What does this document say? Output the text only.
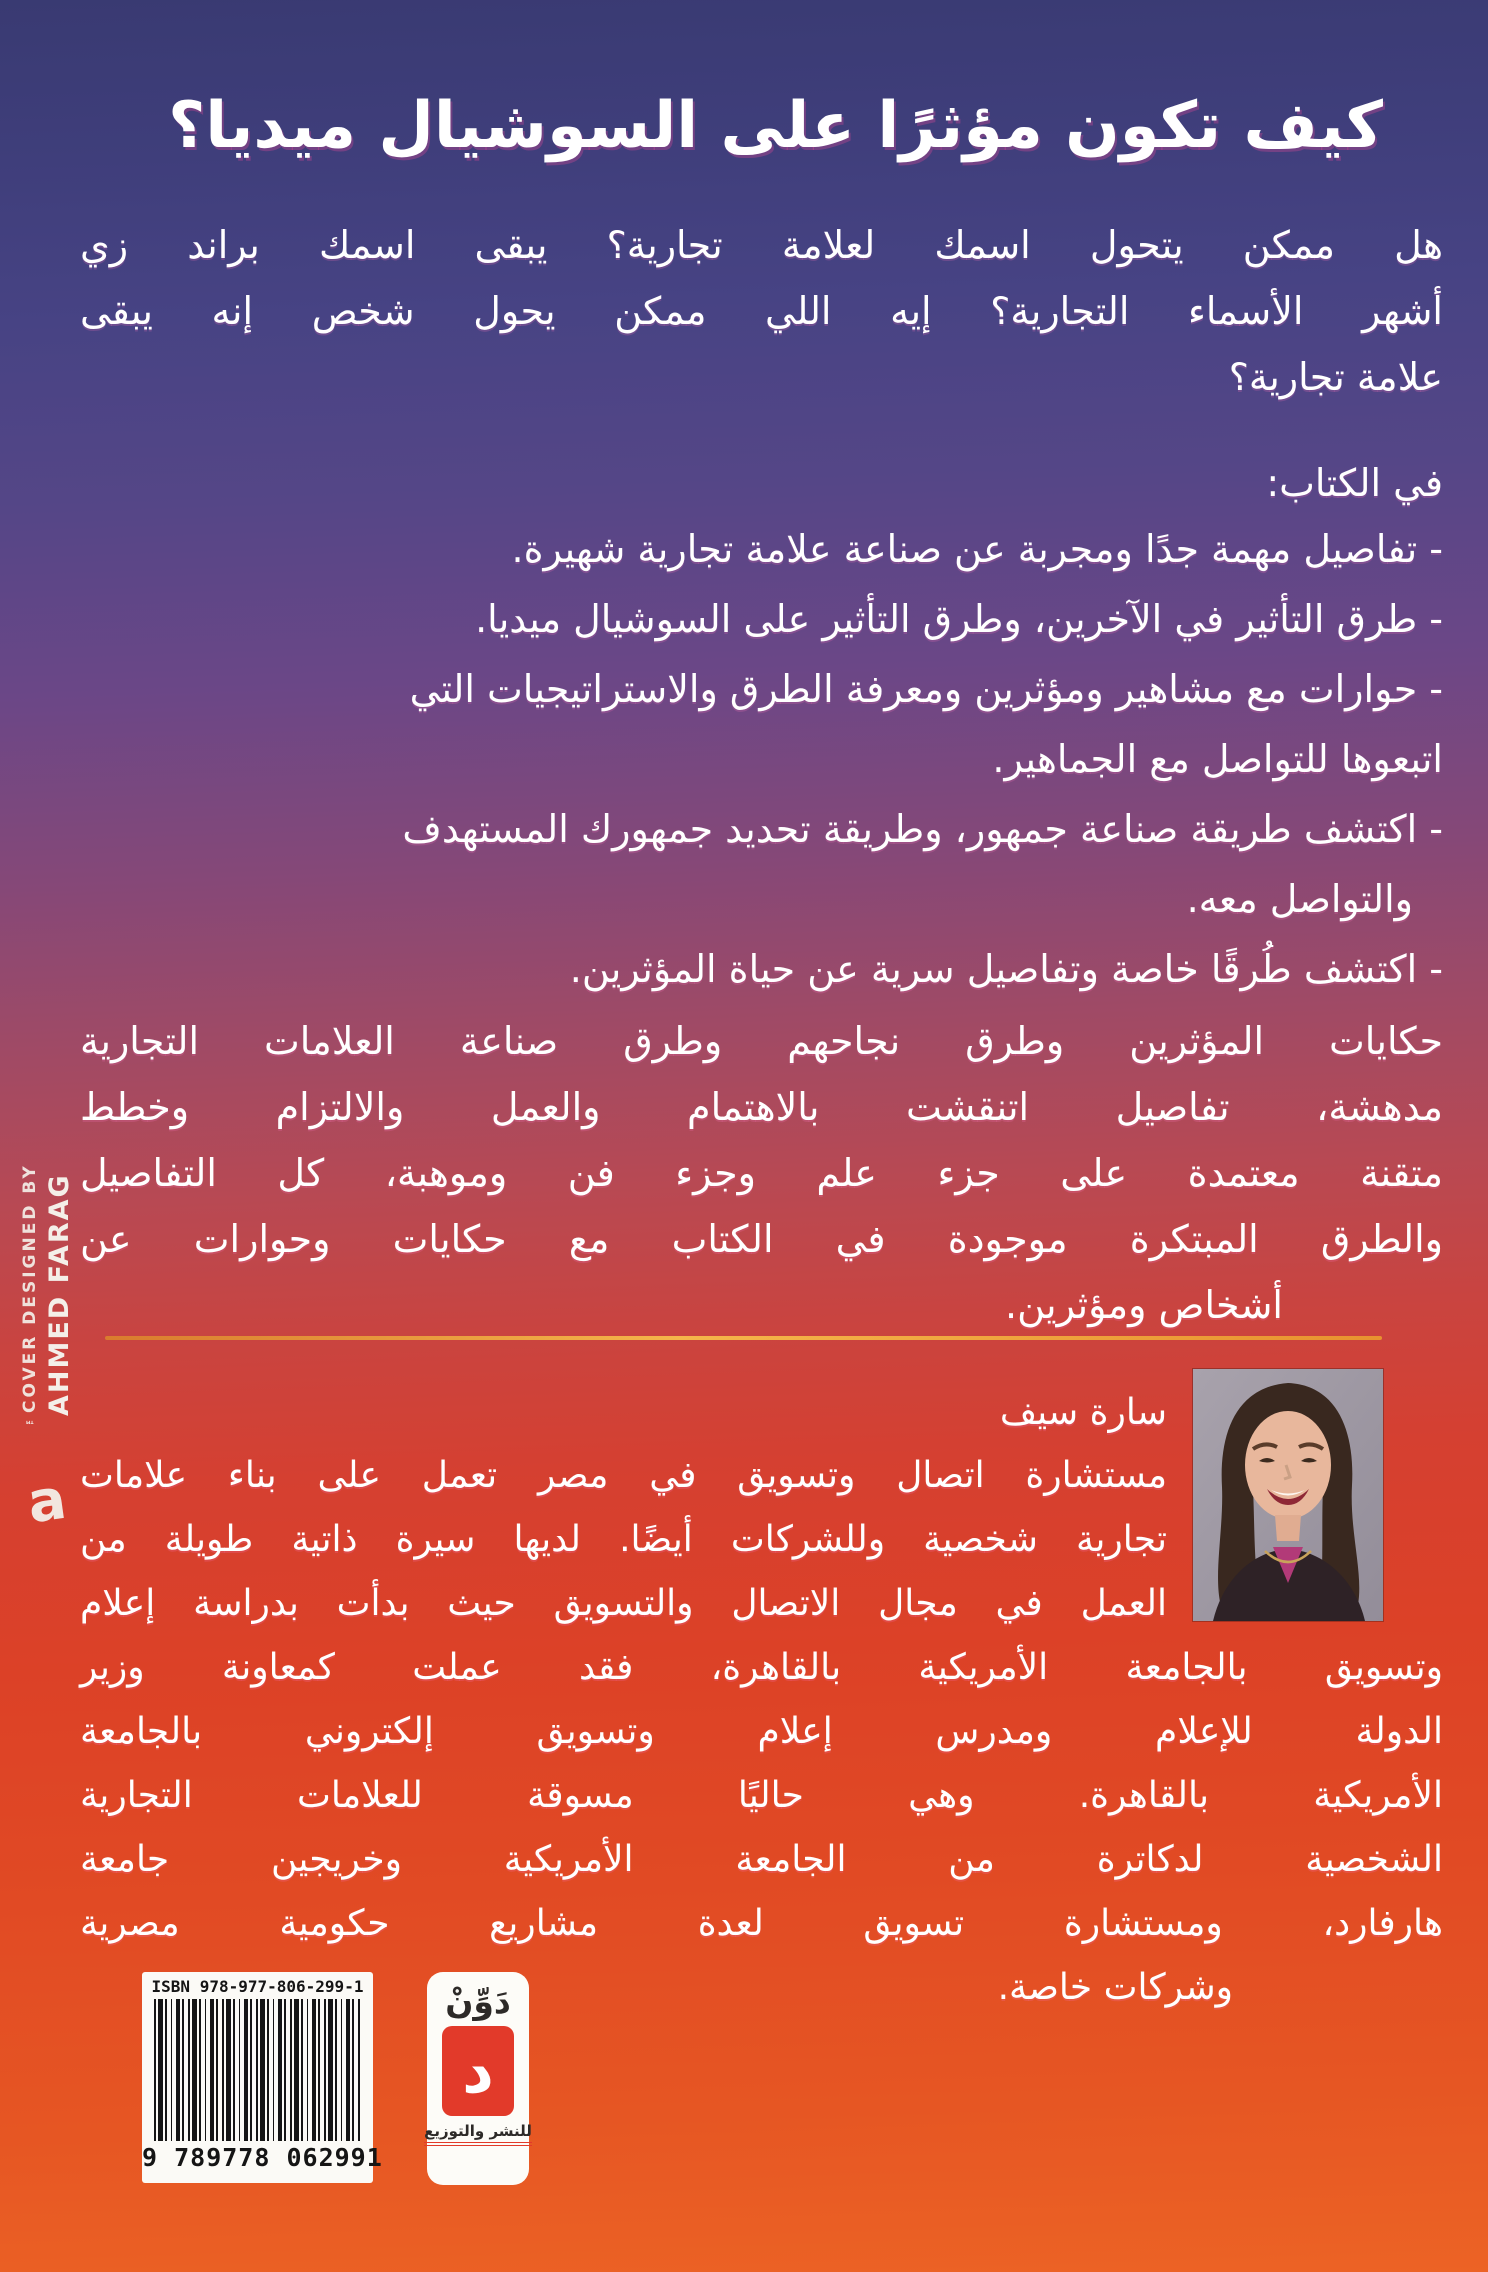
كيف تكون مؤثرًا على السوشيال ميديا؟
هل ممكن يتحول اسمك لعلامة تجارية؟ يبقى اسمك براند زي
أشهر الأسماء التجارية؟ إيه اللي ممكن يحول شخص إنه يبقى
علامة تجارية؟
في الكتاب:
- تفاصيل مهمة جدًا ومجربة عن صناعة علامة تجارية شهيرة.
- طرق التأثير في الآخرين، وطرق التأثير على السوشيال ميديا.
- حوارات مع مشاهير ومؤثرين ومعرفة الطرق والاستراتيجيات التي
اتبعوها للتواصل مع الجماهير.
- اكتشف طريقة صناعة جمهور، وطريقة تحديد جمهورك المستهدف
والتواصل معه.
- اكتشف طُرقًا خاصة وتفاصيل سرية عن حياة المؤثرين.
حكايات المؤثرين وطرق نجاحهم وطرق صناعة العلامات التجارية
مدهشة، تفاصيل اتنقشت بالاهتمام والعمل والالتزام وخطط
متقنة معتمدة على جزء علم وجزء فن وموهبة، كل التفاصيل
والطرق المبتكرة موجودة في الكتاب مع حكايات وحوارات عن
أشخاص ومؤثرين.
سارة سيف
مستشارة اتصال وتسويق في مصر تعمل على بناء علامات
تجارية شخصية وللشركات أيضًا. لديها سيرة ذاتية طويلة من
العمل في مجال الاتصال والتسويق حيث بدأت بدراسة إعلام
وتسويق بالجامعة الأمريكية بالقاهرة، فقد عملت كمعاونة وزير
الدولة للإعلام ومدرس إعلام وتسويق إلكتروني بالجامعة
الأمريكية بالقاهرة. وهي حاليًا مسوقة للعلامات التجارية
الشخصية لدكاترة من الجامعة الأمريكية وخريجين جامعة
هارفارد، ومستشارة تسويق لعدة مشاريع حكومية مصرية
وشركات خاصة.
™COVER DESIGNED BY AHMED FARAG
a
ISBN 978-977-806-299-1
9 789778 062991
دَوِّنْ
د
للنشر والتوزيع
